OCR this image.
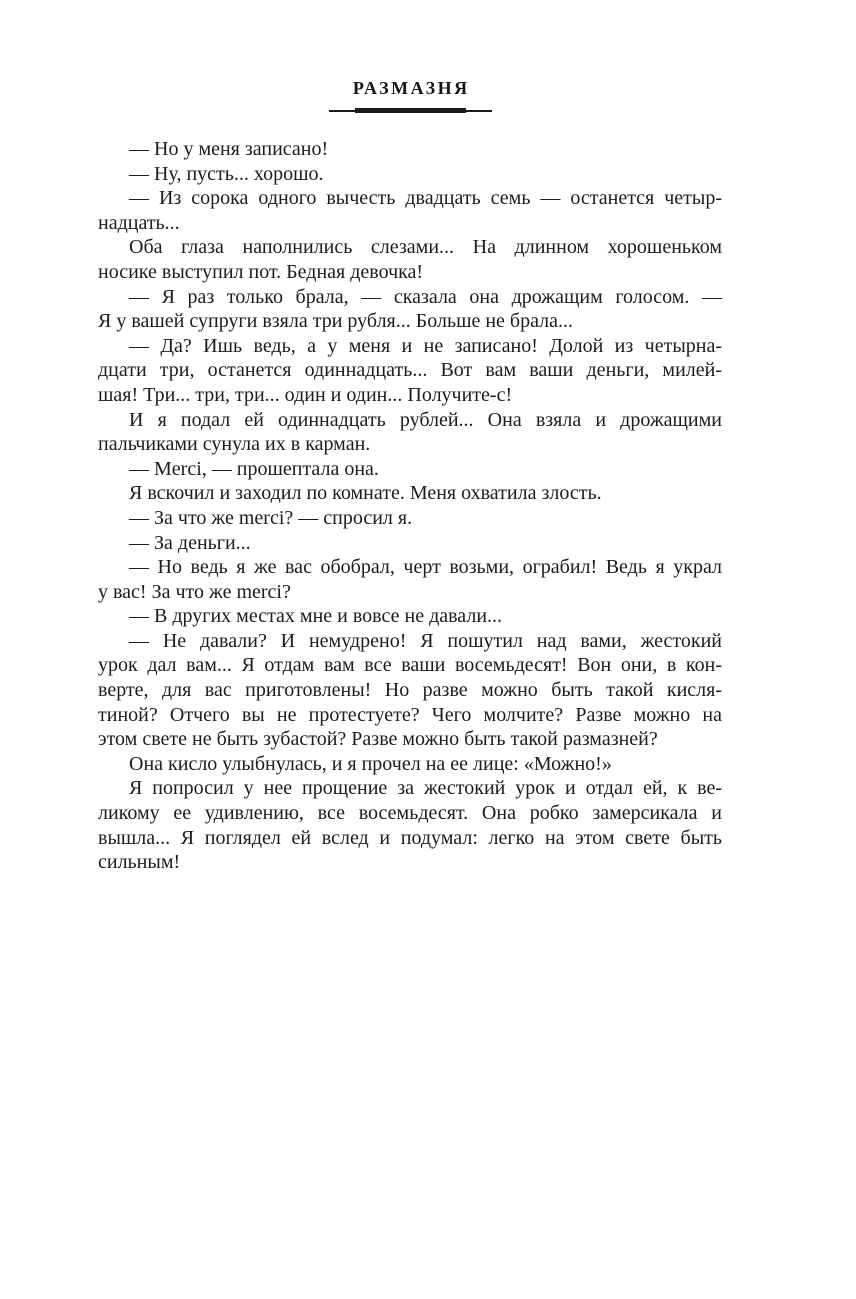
РАЗМАЗНЯ

— Но у меня записано!

— Ну, пусть... хорошо.

— Из сорока одного вычесть двадцать семь — останется четыр-
надцать...

Оба глаза наполнились слезами... На длинном хорошеньком
носике выступил пот. Бедная девочка!

— Я раз только брала, — сказала она дрожащим голосом. —
Я у вашей супруги взяла три рубля... Больше не брала...

— Да? Ишь ведь, а у меня и не записано! Долой из четырна-
дцати три, останется одиннадцать... Вот вам ваши деньги, милей-
шая! Три... три, три... один и один... Получите-с!

И я подал ей одиннадцать рублей... Она взяла и дрожащими
пальчиками сунула их в карман.

— Merci, — прошептала она.

Я вскочил и заходил по комнате. Меня охватила злость.

— За что же merci? — спросил я.

— За деньги...

— Но ведь я же вас обобрал, черт возьми, ограбил! Ведь я украл
у вас! За что же merci?

— В других местах мне и вовсе не давали...

— Не давали? И немудрено! Я пошутил над вами, жестокий
урок дал вам... Я отдам вам все ваши восемьдесят! Вон они, в кон-
верте, для вас приготовлены! Но разве можно быть такой кисля-
тиной? Отчего вы не протестуете? Чего молчите? Разве можно на
этом свете не быть зубастой? Разве можно быть такой размазней?

Она кисло улыбнулась, и я прочел на ее лице: «Можно!»

Я попросил у нее прощение за жестокий урок и отдал ей, к ве-
ликому ее удивлению, все восемьдесят. Она робко замерсикала и
вышла... Я поглядел ей вслед и подумал: легко на этом свете быть
сильным!
